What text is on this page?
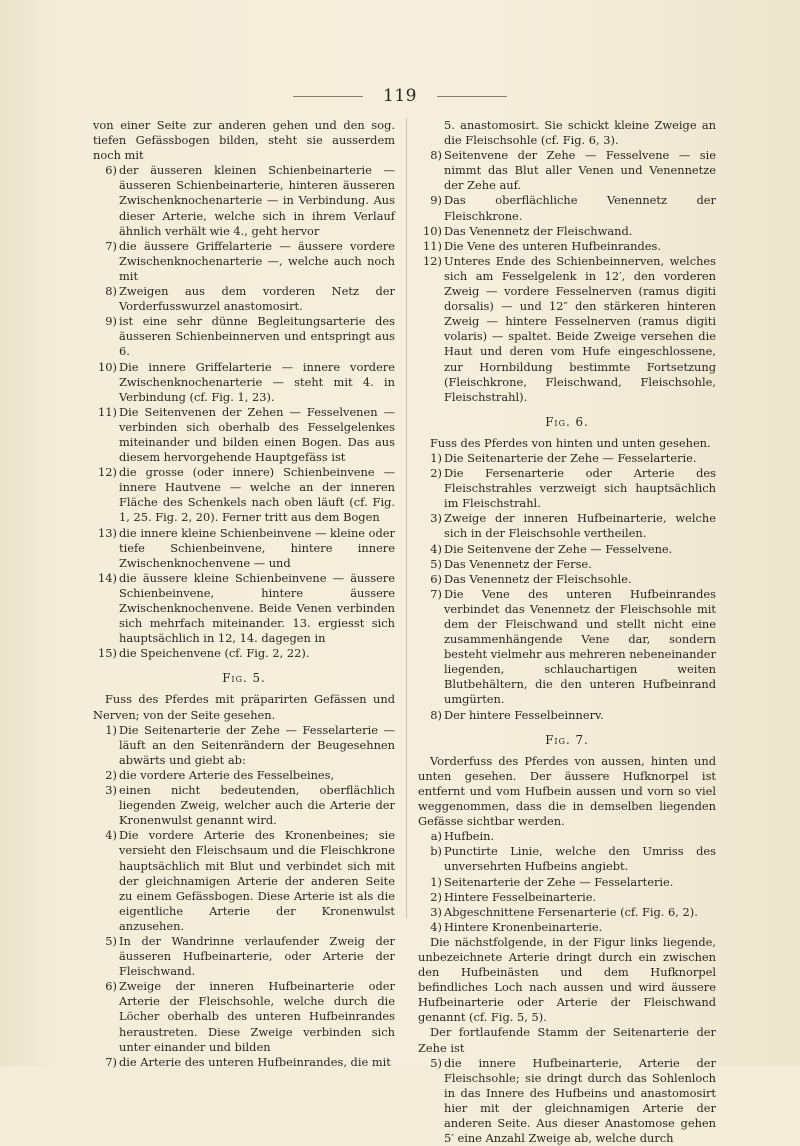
119

von einer Seite zur anderen gehen und den sog. tiefen Gefässbogen bilden, steht sie ausserdem noch mit

6) der äusseren kleinen Schienbeinarterie — äusseren Schienbeinarterie, hinteren äusseren Zwischenknochenarterie — in Verbindung. Aus dieser Arterie, welche sich in ihrem Verlauf ähnlich verhält wie 4., geht hervor

7) die äussere Griffelarterie — äussere vordere Zwischenknochenarterie —, welche auch noch mit

8) Zweigen aus dem vorderen Netz der Vorderfusswurzel anastomosirt.

9) ist eine sehr dünne Begleitungsarterie des äusseren Schienbeinnerven und entspringt aus 6.

10) Die innere Griffelarterie — innere vordere Zwischenknochenarterie — steht mit 4. in Verbindung (cf. Fig. 1, 23).

11) Die Seitenvenen der Zehen — Fesselvenen — verbinden sich oberhalb des Fesselgelenkes miteinander und bilden einen Bogen. Das aus diesem hervorgehende Hauptgefäss ist

12) die grosse (oder innere) Schienbeinvene — innere Hautvene — welche an der inneren Fläche des Schenkels nach oben läuft (cf. Fig. 1, 25. Fig. 2, 20). Ferner tritt aus dem Bogen

13) die innere kleine Schienbeinvene — kleine oder tiefe Schienbeinvene, hintere innere Zwischenknochenvene — und

14) die äussere kleine Schienbeinvene — äussere Schienbeinvene, hintere äussere Zwischenknochenvene. Beide Venen verbinden sich mehrfach miteinander. 13. ergiesst sich hauptsächlich in 12, 14. dagegen in

15) die Speichenvene (cf. Fig. 2, 22).

Fig. 5.

Fuss des Pferdes mit präparirten Gefässen und Nerven; von der Seite gesehen.

1) Die Seitenarterie der Zehe — Fesselarterie — läuft an den Seitenrändern der Beugesehnen abwärts und giebt ab:

2) die vordere Arterie des Fesselbeines,

3) einen nicht bedeutenden, oberflächlich liegenden Zweig, welcher auch die Arterie der Kronenwulst genannt wird.

4) Die vordere Arterie des Kronenbeines; sie versieht den Fleischsaum und die Fleischkrone hauptsächlich mit Blut und verbindet sich mit der gleichnamigen Arterie der anderen Seite zu einem Gefässbogen. Diese Arterie ist als die eigentliche Arterie der Kronenwulst anzusehen.

5) In der Wandrinne verlaufender Zweig der äusseren Hufbeinarterie, oder Arterie der Fleischwand.

6) Zweige der inneren Hufbeinarterie oder Arterie der Fleischsohle, welche durch die Löcher oberhalb des unteren Hufbeinrandes heraustreten. Diese Zweige verbinden sich unter einander und bilden

7) die Arterie des unteren Hufbeinrandes, die mit

5. anastomosirt. Sie schickt kleine Zweige an die Fleischsohle (cf. Fig. 6, 3).

8) Seitenvene der Zehe — Fesselvene — sie nimmt das Blut aller Venen und Venennetze der Zehe auf.

9) Das oberflächliche Venennetz der Fleischkrone.

10) Das Venennetz der Fleischwand.

11) Die Vene des unteren Hufbeinrandes.

12) Unteres Ende des Schienbeinnerven, welches sich am Fesselgelenk in 12′, den vorderen Zweig — vordere Fesselnerven (ramus digiti dorsalis) — und 12″ den stärkeren hinteren Zweig — hintere Fesselnerven (ramus digiti volaris) — spaltet. Beide Zweige versehen die Haut und deren vom Hufe eingeschlossene, zur Hornbildung bestimmte Fortsetzung (Fleischkrone, Fleischwand, Fleischsohle, Fleischstrahl).

Fig. 6.

Fuss des Pferdes von hinten und unten gesehen.

1) Die Seitenarterie der Zehe — Fesselarterie.

2) Die Fersenarterie oder Arterie des Fleischstrahles verzweigt sich hauptsächlich im Fleischstrahl.

3) Zweige der inneren Hufbeinarterie, welche sich in der Fleischsohle vertheilen.

4) Die Seitenvene der Zehe — Fesselvene.

5) Das Venennetz der Ferse.

6) Das Venennetz der Fleischsohle.

7) Die Vene des unteren Hufbeinrandes verbindet das Venennetz der Fleischsohle mit dem der Fleischwand und stellt nicht eine zusammenhängende Vene dar, sondern besteht vielmehr aus mehreren nebeneinander liegenden, schlauchartigen weiten Blutbehältern, die den unteren Hufbeinrand umgürten.

8) Der hintere Fesselbeinnerv.

Fig. 7.

Vorderfuss des Pferdes von aussen, hinten und unten gesehen. Der äussere Hufknorpel ist entfernt und vom Hufbein aussen und vorn so viel weggenommen, dass die in demselben liegenden Gefässe sichtbar werden.

a) Hufbein.

b) Punctirte Linie, welche den Umriss des unversehrten Hufbeins angiebt.

1) Seitenarterie der Zehe — Fesselarterie.

2) Hintere Fesselbeinarterie.

3) Abgeschnittene Fersenarterie (cf. Fig. 6, 2).

4) Hintere Kronenbeinarterie.

Die nächstfolgende, in der Figur links liegende, unbezeichnete Arterie dringt durch ein zwischen den Hufbeinästen und dem Hufknorpel befindliches Loch nach aussen und wird äussere Hufbeinarterie oder Arterie der Fleischwand genannt (cf. Fig. 5, 5).

Der fortlaufende Stamm der Seitenarterie der Zehe ist

5) die innere Hufbeinarterie, Arterie der Fleischsohle; sie dringt durch das Sohlenloch in das Innere des Hufbeins und anastomosirt hier mit der gleichnamigen Arterie der anderen Seite. Aus dieser Anastomose gehen 5′ eine Anzahl Zweige ab, welche durch
